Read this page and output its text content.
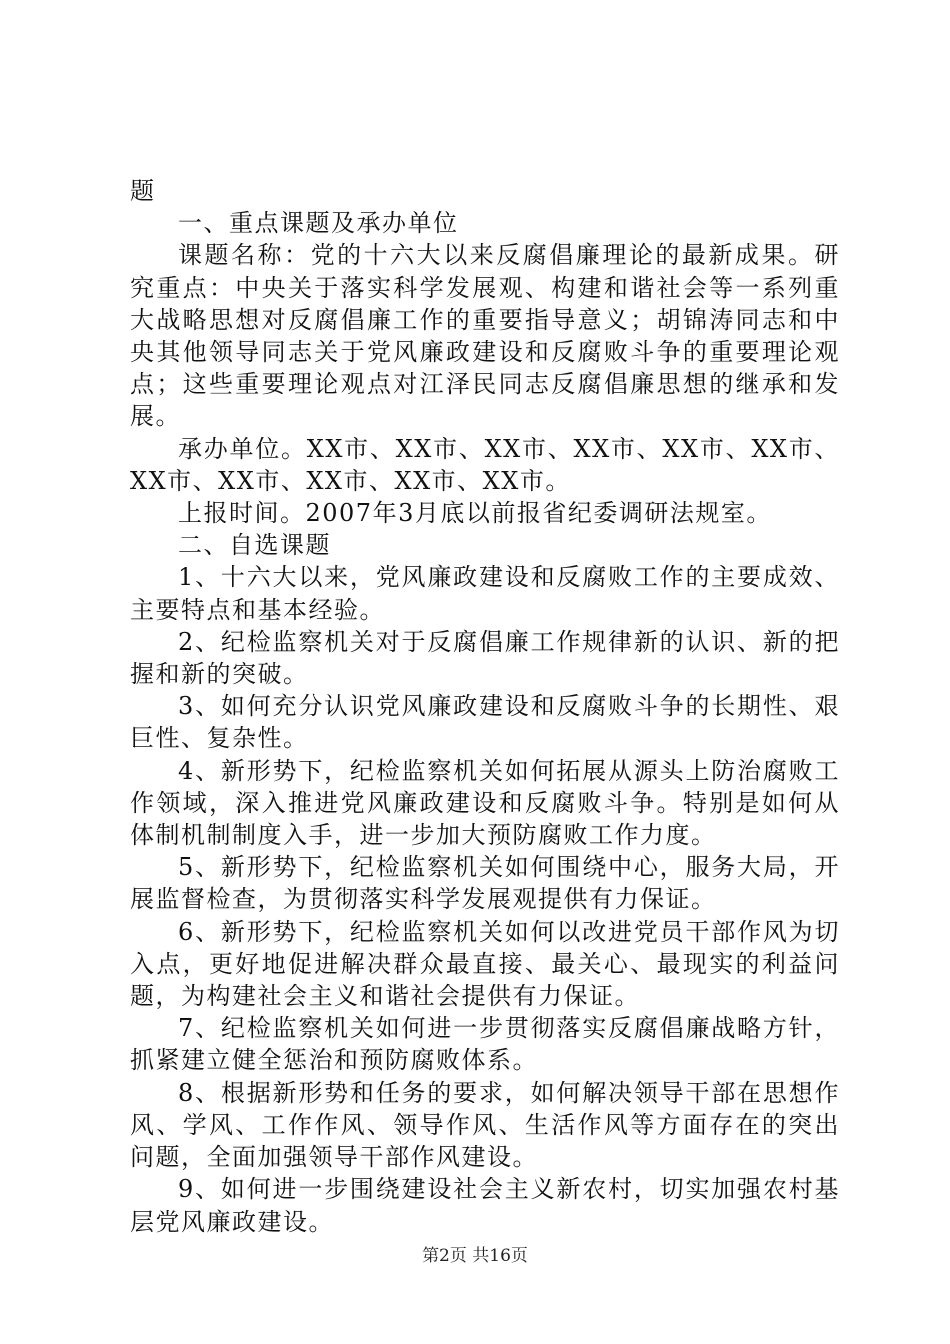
题

一、重点课题及承办单位

课题名称：党的十六大以来反腐倡廉理论的最新成果。研究重点：中央关于落实科学发展观、构建和谐社会等一系列重大战略思想对反腐倡廉工作的重要指导意义；胡锦涛同志和中央其他领导同志关于党风廉政建设和反腐败斗争的重要理论观点；这些重要理论观点对江泽民同志反腐倡廉思想的继承和发展。

承办单位。XX市、XX市、XX市、XX市、XX市、XX市、XX市、XX市、XX市、XX市、XX市。

上报时间。2007年3月底以前报省纪委调研法规室。

二、自选课题

1、十六大以来，党风廉政建设和反腐败工作的主要成效、主要特点和基本经验。

2、纪检监察机关对于反腐倡廉工作规律新的认识、新的把握和新的突破。

3、如何充分认识党风廉政建设和反腐败斗争的长期性、艰巨性、复杂性。

4、新形势下，纪检监察机关如何拓展从源头上防治腐败工作领域，深入推进党风廉政建设和反腐败斗争。特别是如何从体制机制制度入手，进一步加大预防腐败工作力度。

5、新形势下，纪检监察机关如何围绕中心，服务大局，开展监督检查，为贯彻落实科学发展观提供有力保证。

6、新形势下，纪检监察机关如何以改进党员干部作风为切入点，更好地促进解决群众最直接、最关心、最现实的利益问题，为构建社会主义和谐社会提供有力保证。

7、纪检监察机关如何进一步贯彻落实反腐倡廉战略方针，抓紧建立健全惩治和预防腐败体系。

8、根据新形势和任务的要求，如何解决领导干部在思想作风、学风、工作作风、领导作风、生活作风等方面存在的突出问题，全面加强领导干部作风建设。

9、如何进一步围绕建设社会主义新农村，切实加强农村基层党风廉政建设。

第2页 共16页
